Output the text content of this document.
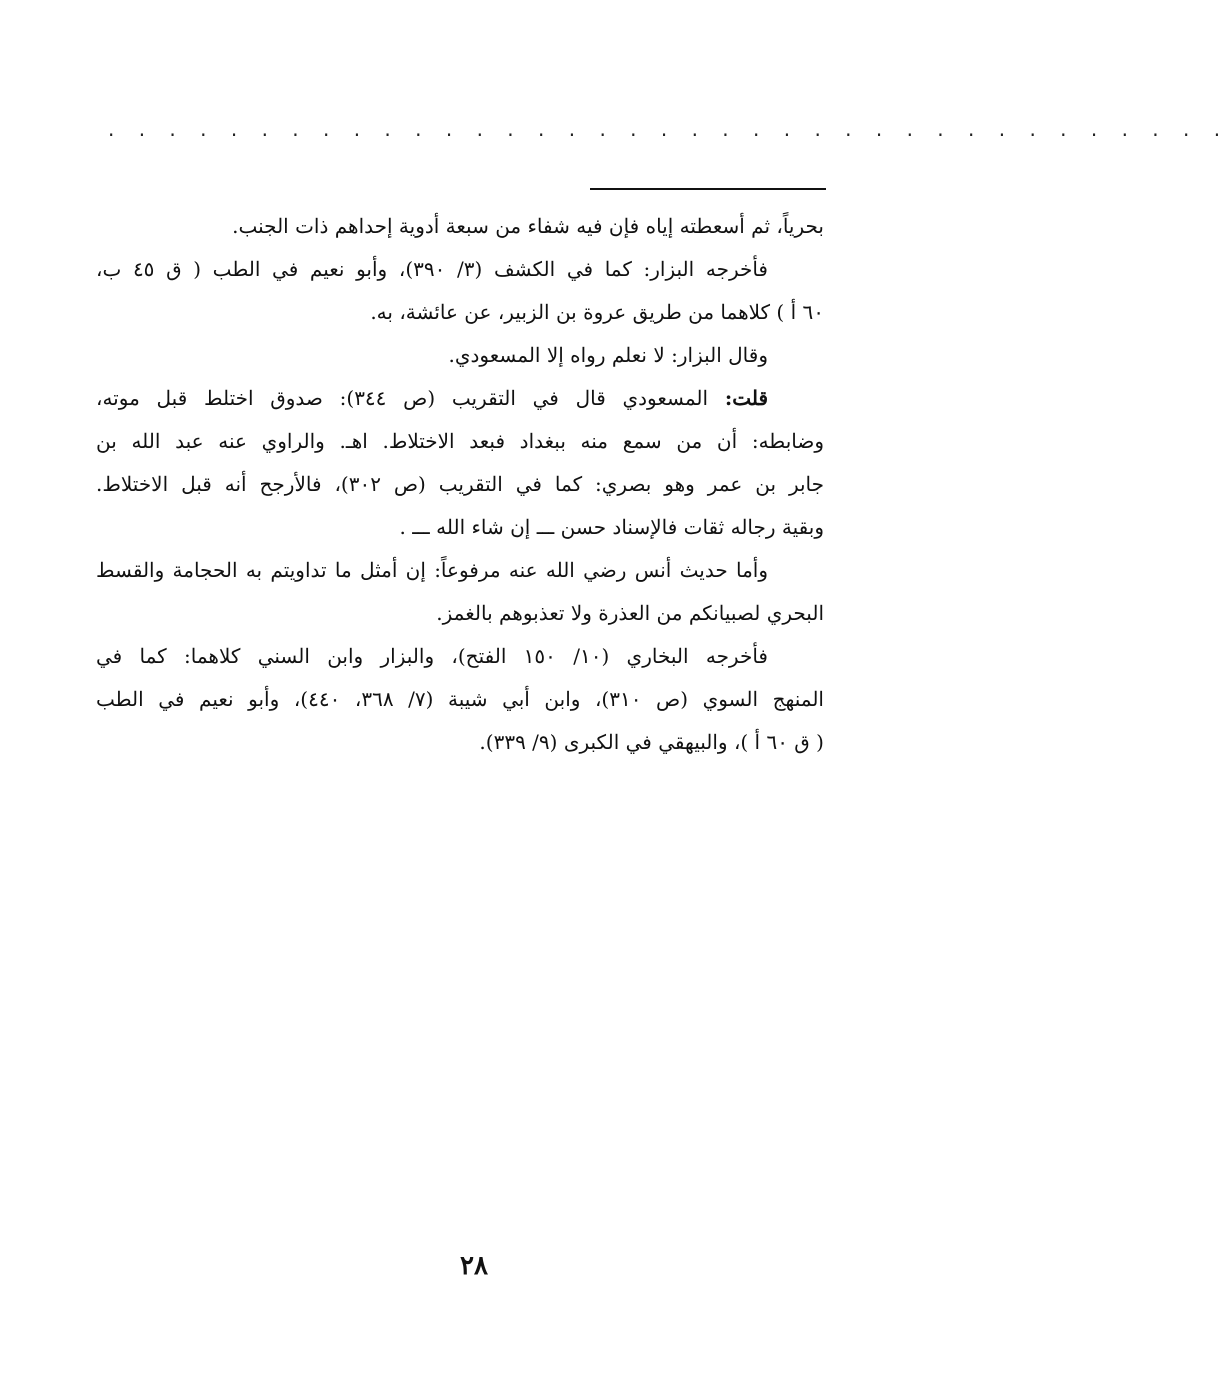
· · · · · · · · · · · · · · · · · · · · · · · · · · · · · · · · · · · · ·
بحرياً، ثم أسعطته إياه فإن فيه شفاء من سبعة أدوية إحداهم ذات الجنب.
فأخرجه البزار: كما في الكشف (٣/ ٣٩٠)، وأبو نعيم في الطب ( ق ٤٥ ب،
٦٠ أ ) كلاهما من طريق عروة بن الزبير، عن عائشة، به.
وقال البزار: لا نعلم رواه إلا المسعودي.
قلت: المسعودي قال في التقريب (ص ٣٤٤): صدوق اختلط قبل موته،
وضابطه: أن من سمع منه ببغداد فبعد الاختلاط. اهـ. والراوي عنه عبد الله بن
جابر بن عمر وهو بصري: كما في التقريب (ص ٣٠٢)، فالأرجح أنه قبل الاختلاط.
وبقية رجاله ثقات فالإسناد حسن ـــ إن شاء الله ـــ .
وأما حديث أنس رضي الله عنه مرفوعاً: إن أمثل ما تداويتم به الحجامة والقسط
البحري لصبيانكم من العذرة ولا تعذبوهم بالغمز.
فأخرجه البخاري (١٠/ ١٥٠ الفتح)، والبزار وابن السني كلاهما: كما في
المنهج السوي (ص ٣١٠)، وابن أبي شيبة (٧/ ٣٦٨، ٤٤٠)، وأبو نعيم في الطب
( ق ٦٠ أ )، والبيهقي في الكبرى (٩/ ٣٣٩).
٢٨
